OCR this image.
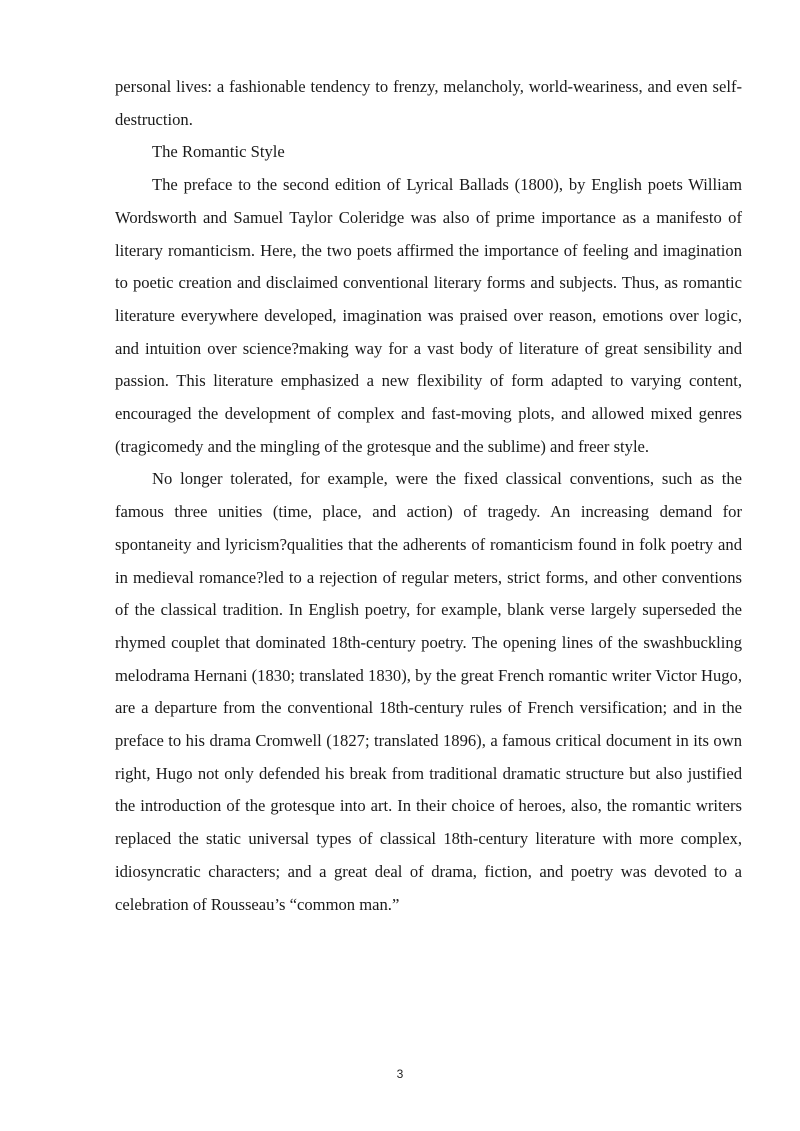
personal lives: a fashionable tendency to frenzy, melancholy, world-weariness, and even self-destruction.

The Romantic Style

The preface to the second edition of Lyrical Ballads (1800), by English poets William Wordsworth and Samuel Taylor Coleridge was also of prime importance as a manifesto of literary romanticism. Here, the two poets affirmed the importance of feeling and imagination to poetic creation and disclaimed conventional literary forms and subjects. Thus, as romantic literature everywhere developed, imagination was praised over reason, emotions over logic, and intuition over science?making way for a vast body of literature of great sensibility and passion. This literature emphasized a new flexibility of form adapted to varying content, encouraged the development of complex and fast-moving plots, and allowed mixed genres (tragicomedy and the mingling of the grotesque and the sublime) and freer style.

No longer tolerated, for example, were the fixed classical conventions, such as the famous three unities (time, place, and action) of tragedy. An increasing demand for spontaneity and lyricism?qualities that the adherents of romanticism found in folk poetry and in medieval romance?led to a rejection of regular meters, strict forms, and other conventions of the classical tradition. In English poetry, for example, blank verse largely superseded the rhymed couplet that dominated 18th-century poetry. The opening lines of the swashbuckling melodrama Hernani (1830; translated 1830), by the great French romantic writer Victor Hugo, are a departure from the conventional 18th-century rules of French versification; and in the preface to his drama Cromwell (1827; translated 1896), a famous critical document in its own right, Hugo not only defended his break from traditional dramatic structure but also justified the introduction of the grotesque into art. In their choice of heroes, also, the romantic writers replaced the static universal types of classical 18th-century literature with more complex, idiosyncratic characters; and a great deal of drama, fiction, and poetry was devoted to a celebration of Rousseau’s “common man.”

3
